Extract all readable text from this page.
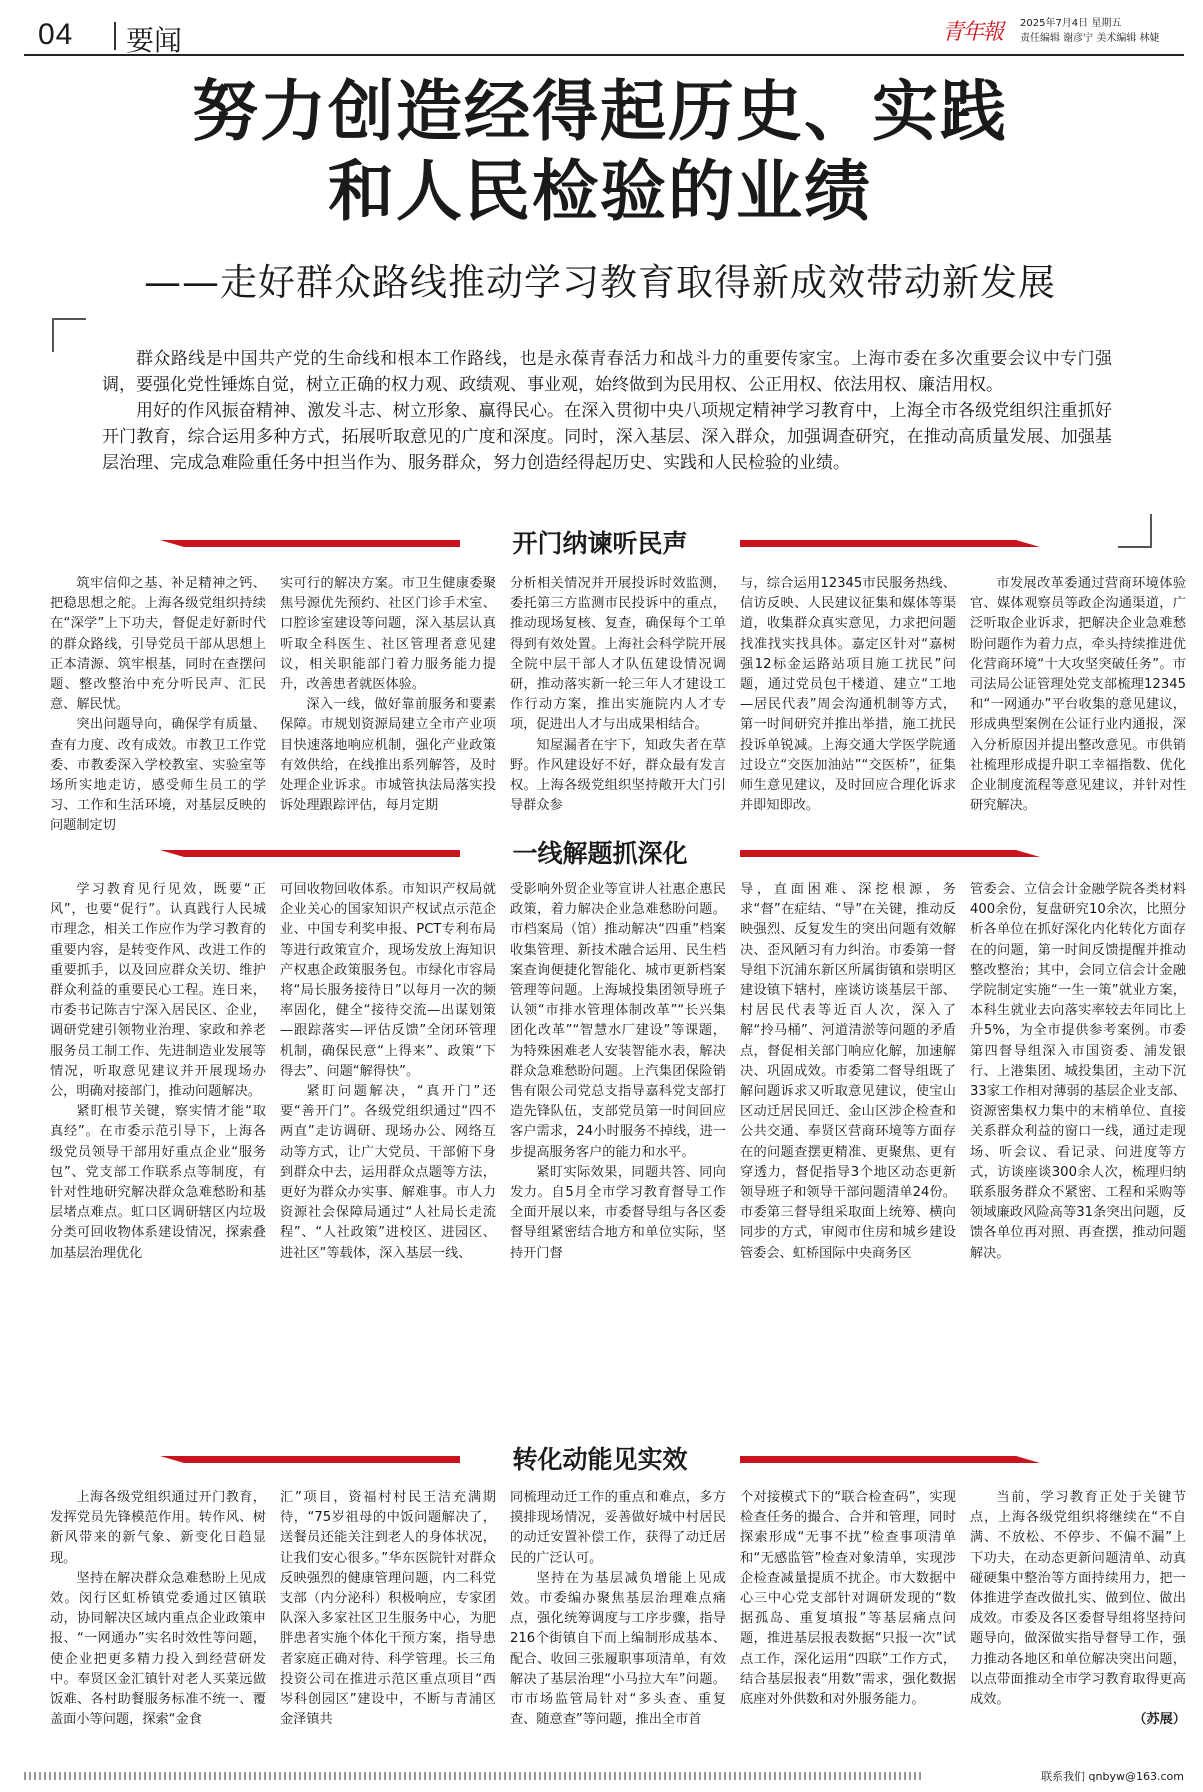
04 要闻	青年報	2025年7月4日 星期五
责任编辑 谢彦宁 美术编辑 林婕
努力创造经得起历史、实践
和人民检验的业绩
——走好群众路线推动学习教育取得新成效带动新发展

群众路线是中国共产党的生命线和根本工作路线，也是永葆青春活力和战斗力的重要传家宝。上海市委在多次重要会议中专门强调，要强化党性锤炼自觉，树立正确的权力观、政绩观、事业观，始终做到为民用权、公正用权、依法用权、廉洁用权。

用好的作风振奋精神、激发斗志、树立形象、赢得民心。在深入贯彻中央八项规定精神学习教育中，上海全市各级党组织注重抓好开门教育，综合运用多种方式，拓展听取意见的广度和深度。同时，深入基层、深入群众，加强调查研究，在推动高质量发展、加强基层治理、完成急难险重任务中担当作为、服务群众，努力创造经得起历史、实践和人民检验的业绩。

开门纳谏听民声

筑牢信仰之基、补足精神之钙、把稳思想之舵。上海各级党组织持续在“深学”上下功夫，督促走好新时代的群众路线，引导党员干部从思想上正本清源、筑牢根基，同时在查摆问题、整改整治中充分听民声、汇民意、解民忧。

突出问题导向，确保学有质量、查有力度、改有成效。市教卫工作党委、市教委深入学校教室、实验室等场所实地走访，感受师生员工的学习、工作和生活环境，对基层反映的问题制定切

实可行的解决方案。市卫生健康委聚焦号源优先预约、社区门诊手术室、口腔诊室建设等问题，深入基层认真听取全科医生、社区管理者意见建议，相关职能部门着力服务能力提升，改善患者就医体验。

深入一线，做好靠前服务和要素保障。市规划资源局建立全市产业项目快速落地响应机制，强化产业政策有效供给，在线推出系列解答，及时处理企业诉求。市城管执法局落实投诉处理跟踪评估，每月定期

分析相关情况并开展投诉时效监测，委托第三方监测市民投诉中的重点，推动现场复核、复查，确保每个工单得到有效处置。上海社会科学院开展全院中层干部人才队伍建设情况调研，推动落实新一轮三年人才建设工作行动方案，推出实施院内人才专项，促进出人才与出成果相结合。

知屋漏者在宇下，知政失者在草野。作风建设好不好，群众最有发言权。上海各级党组织坚持敞开大门引导群众参

与，综合运用12345市民服务热线、信访反映、人民建议征集和媒体等渠道，收集群众真实意见，力求把问题找准找实找具体。嘉定区针对“嘉树强12标金运路站项目施工扰民”问题，通过党员包干楼道、建立“工地—居民代表”周会沟通机制等方式，第一时间研究并推出举措，施工扰民投诉单锐减。上海交通大学医学院通过设立“交医加油站”“交医桥”，征集师生意见建议，及时回应合理化诉求并即知即改。

市发展改革委通过营商环境体验官、媒体观察员等政企沟通渠道，广泛听取企业诉求，把解决企业急难愁盼问题作为着力点，牵头持续推进优化营商环境“十大攻坚突破任务”。市司法局公证管理处党支部梳理12345和“一网通办”平台收集的意见建议，形成典型案例在公证行业内通报，深入分析原因并提出整改意见。市供销社梳理形成提升职工幸福指数、优化企业制度流程等意见建议，并针对性研究解决。

一线解题抓深化

学习教育见行见效，既要“正风”，也要“促行”。认真践行人民城市理念，相关工作应作为学习教育的重要内容，是转变作风、改进工作的重要抓手，以及回应群众关切、维护群众利益的重要民心工程。连日来，市委书记陈吉宁深入居民区、企业，调研党建引领物业治理、家政和养老服务员工制工作、先进制造业发展等情况，听取意见建议并开展现场办公，明确对接部门，推动问题解决。

紧盯根节关键，察实情才能“取真经”。在市委示范引导下，上海各级党员领导干部用好重点企业“服务包”、党支部工作联系点等制度，有针对性地研究解决群众急难愁盼和基层堵点难点。虹口区调研辖区内垃圾分类可回收物体系建设情况，探索叠加基层治理优化

可回收物回收体系。市知识产权局就企业关心的国家知识产权试点示范企业、中国专利奖申报、PCT专利布局等进行政策宣介，现场发放上海知识产权惠企政策服务包。市绿化市容局将“局长服务接待日”以每月一次的频率固化，健全“接待交流—出谋划策—跟踪落实—评估反馈”全闭环管理机制，确保民意“上得来”、政策“下得去”、问题“解得快”。

紧盯问题解决，“真开门”还要“善开门”。各级党组织通过“四不两直”走访调研、现场办公、网络互动等方式，让广大党员、干部俯下身到群众中去，运用群众点题等方法，更好为群众办实事、解难事。市人力资源社会保障局通过“人社局长走流程”、“人社政策”进校区、进园区、进社区”等载体，深入基层一线、

受影响外贸企业等宣讲人社惠企惠民政策，着力解决企业急难愁盼问题。市档案局（馆）推动解决“四重”档案收集管理、新技术融合运用、民生档案查询便捷化智能化、城市更新档案管理等问题。上海城投集团领导班子认领“市排水管理体制改革”“长兴集团化改革”“智慧水厂建设”等课题，为特殊困难老人安装智能水表，解决群众急难愁盼问题。上汽集团保险销售有限公司党总支指导嘉科党支部打造先锋队伍，支部党员第一时间回应客户需求，24小时服务不掉线，进一步提高服务客户的能力和水平。

紧盯实际效果，同题共答、同向发力。自5月全市学习教育督导工作全面开展以来，市委督导组与各区委督导组紧密结合地方和单位实际，坚持开门督

导，直面困难、深挖根源，务求“督”在症结、“导”在关键，推动反映强烈、反复发生的突出问题有效解决、歪风陋习有力纠治。市委第一督导组下沉浦东新区所属街镇和崇明区建设镇下辖村，座谈访谈基层干部、村居民代表等近百人次，深入了解“拎马桶”、河道清淤等问题的矛盾点，督促相关部门响应化解，加速解决、巩固成效。市委第二督导组既了解问题诉求又听取意见建议，使宝山区动迁居民回迁、金山区涉企检查和公共交通、奉贤区营商环境等方面存在的问题查摆更精准、更聚焦、更有穿透力，督促指导3个地区动态更新领导班子和领导干部问题清单24份。市委第三督导组采取面上统筹、横向同步的方式，审阅市住房和城乡建设管委会、虹桥国际中央商务区

管委会、立信会计金融学院各类材料400余份，复盘研究10余次，比照分析各单位在抓好深化内化转化方面存在的问题，第一时间反馈提醒并推动整改整治；其中，会同立信会计金融学院制定实施“一生一策”就业方案，本科生就业去向落实率较去年同比上升5%，为全市提供参考案例。市委第四督导组深入市国资委、浦发银行、上港集团、城投集团，主动下沉33家工作相对薄弱的基层企业支部、资源密集权力集中的末梢单位、直接关系群众利益的窗口一线，通过走现场、听会议、看记录、问进度等方式，访谈座谈300余人次，梳理归纳联系服务群众不紧密、工程和采购等领域廉政风险高等31条突出问题，反馈各单位再对照、再查摆，推动问题解决。

转化动能见实效

上海各级党组织通过开门教育，发挥党员先锋模范作用。转作风、树新风带来的新气象、新变化日趋显现。

坚持在解决群众急难愁盼上见成效。闵行区虹桥镇党委通过区镇联动，协同解决区域内重点企业政策申报、“一网通办”实名时效性等问题，使企业把更多精力投入到经营研发中。奉贤区金汇镇针对老人买菜远做饭难、各村助餐服务标准不统一、覆盖面小等问题，探索“金食

汇”项目，资福村村民王洁充满期待，“75岁祖母的中饭问题解决了，送餐员还能关注到老人的身体状况，让我们安心很多。”华东医院针对群众反映强烈的健康管理问题，内二科党支部（内分泌科）积极响应，专家团队深入多家社区卫生服务中心，为肥胖患者实施个体化干预方案，指导患者家庭正确对待、科学管理。长三角投资公司在推进示范区重点项目“西岑科创园区”建设中，不断与青浦区金泽镇共

同梳理动迁工作的重点和难点，多方摸排现场情况，妥善做好城中村居民的动迁安置补偿工作，获得了动迁居民的广泛认可。

坚持在为基层减负增能上见成效。市委编办聚焦基层治理难点痛点，强化统筹调度与工序步骤，指导216个街镇自下而上编制形成基本、配合、收回三张履职事项清单，有效解决了基层治理“小马拉大车”问题。市市场监管局针对“多头查、重复查、随意查”等问题，推出全市首

个对接模式下的“联合检查码”，实现检查任务的撮合、合并和管理，同时探索形成“无事不扰”检查事项清单和“无感监管”检查对象清单，实现涉企检查减量提质不扰企。市大数据中心三中心党支部针对调研发现的“数据孤岛、重复填报”等基层痛点问题，推进基层报表数据“只报一次”试点工作，深化运用“四联”工作方式，结合基层报表“用数”需求，强化数据底座对外供数和对外服务能力。

当前，学习教育正处于关键节点，上海各级党组织将继续在“不自满、不放松、不停步、不偏不漏”上下功夫，在动态更新问题清单、动真碰硬集中整治等方面持续用力，把一体推进学查改做扎实、做到位、做出成效。市委及各区委督导组将坚持问题导向，做深做实指导督导工作，强力推动各地区和单位解决突出问题，以点带面推动全市学习教育取得更高成效。

（苏展）
联系我们 qnbyw@163.com
